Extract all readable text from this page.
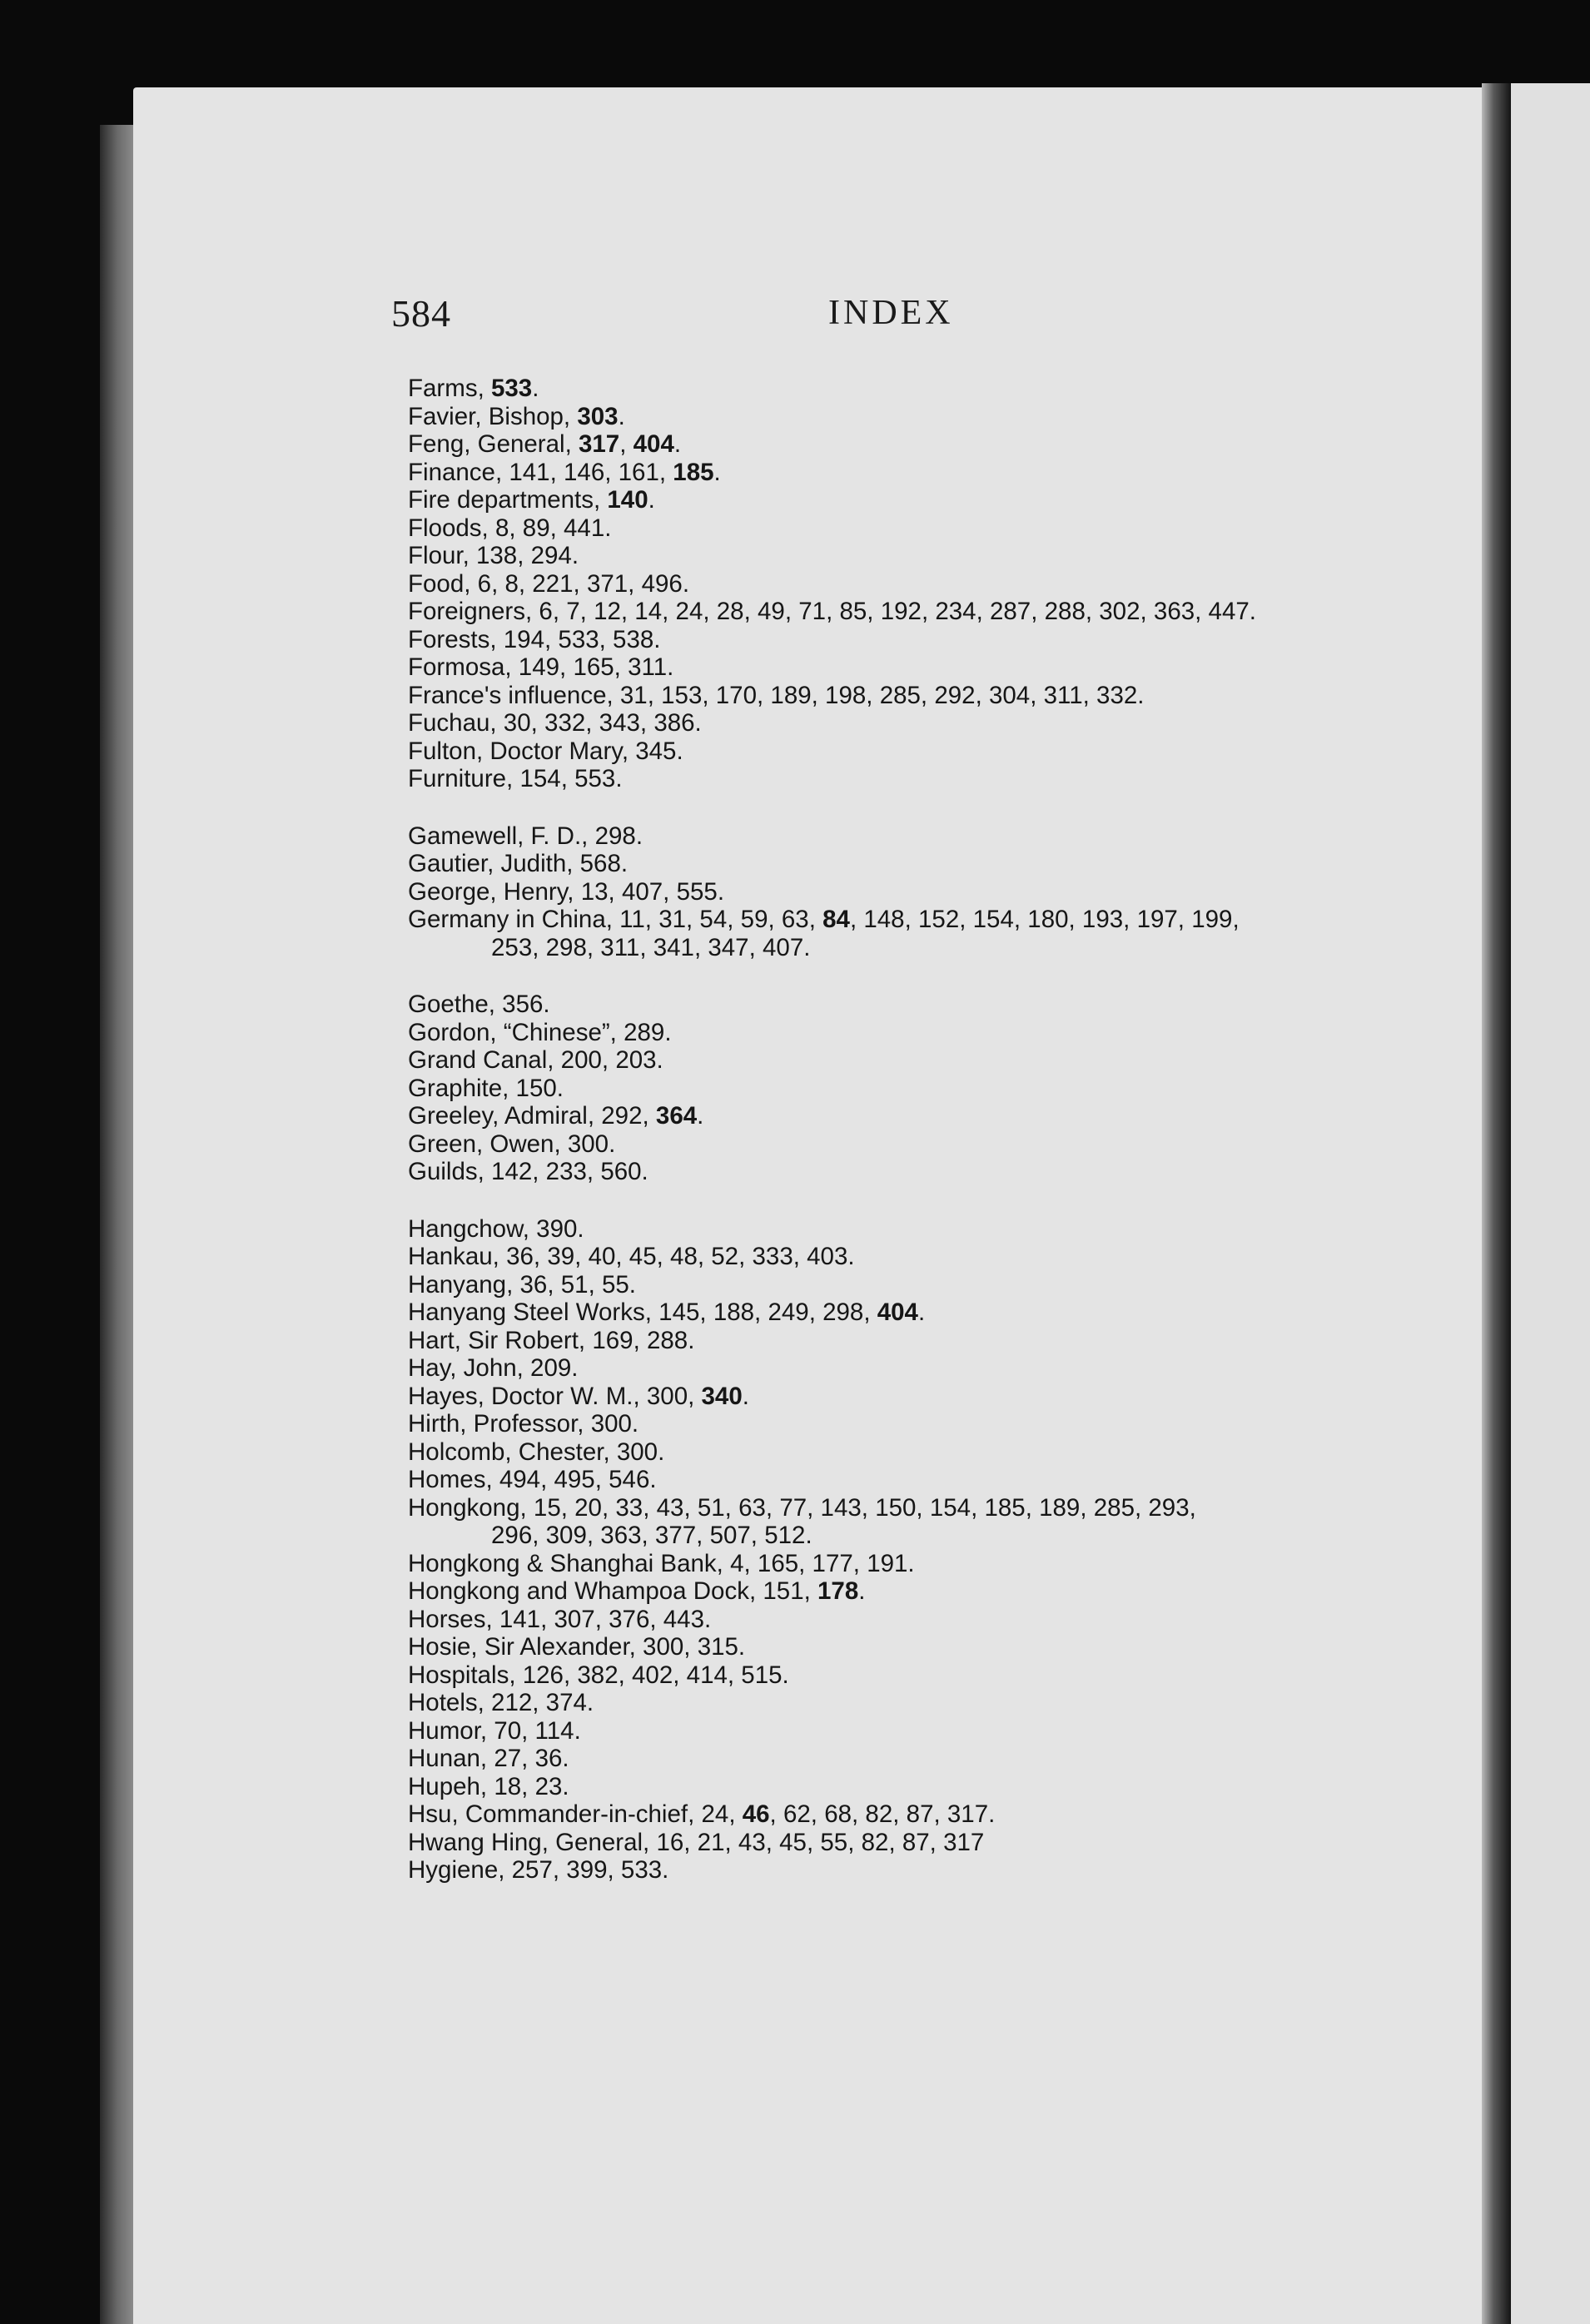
584	INDEX

Farms, 533.

Favier, Bishop, 303.

Feng, General, 317, 404.

Finance, 141, 146, 161, 185.

Fire departments, 140.

Floods, 8, 89, 441.

Flour, 138, 294.

Food, 6, 8, 221, 371, 496.

Foreigners, 6, 7, 12, 14, 24, 28, 49, 71, 85, 192, 234, 287, 288, 302, 363, 447.

Forests, 194, 533, 538.

Formosa, 149, 165, 311.

France's influence, 31, 153, 170, 189, 198, 285, 292, 304, 311, 332.

Fuchau, 30, 332, 343, 386.

Fulton, Doctor Mary, 345.

Furniture, 154, 553.

Gamewell, F. D., 298.

Gautier, Judith, 568.

George, Henry, 13, 407, 555.

Germany in China, 11, 31, 54, 59, 63, 84, 148, 152, 154, 180, 193, 197, 199,
253, 298, 311, 341, 347, 407.

Goethe, 356.

Gordon, “Chinese”, 289.

Grand Canal, 200, 203.

Graphite, 150.

Greeley, Admiral, 292, 364.

Green, Owen, 300.

Guilds, 142, 233, 560.

Hangchow, 390.

Hankau, 36, 39, 40, 45, 48, 52, 333, 403.

Hanyang, 36, 51, 55.

Hanyang Steel Works, 145, 188, 249, 298, 404.

Hart, Sir Robert, 169, 288.

Hay, John, 209.

Hayes, Doctor W. M., 300, 340.

Hirth, Professor, 300.

Holcomb, Chester, 300.

Homes, 494, 495, 546.

Hongkong, 15, 20, 33, 43, 51, 63, 77, 143, 150, 154, 185, 189, 285, 293,
296, 309, 363, 377, 507, 512.

Hongkong & Shanghai Bank, 4, 165, 177, 191.

Hongkong and Whampoa Dock, 151, 178.

Horses, 141, 307, 376, 443.

Hosie, Sir Alexander, 300, 315.

Hospitals, 126, 382, 402, 414, 515.

Hotels, 212, 374.

Humor, 70, 114.

Hunan, 27, 36.

Hupeh, 18, 23.

Hsu, Commander-in-chief, 24, 46, 62, 68, 82, 87, 317.

Hwang Hing, General, 16, 21, 43, 45, 55, 82, 87, 317

Hygiene, 257, 399, 533.
